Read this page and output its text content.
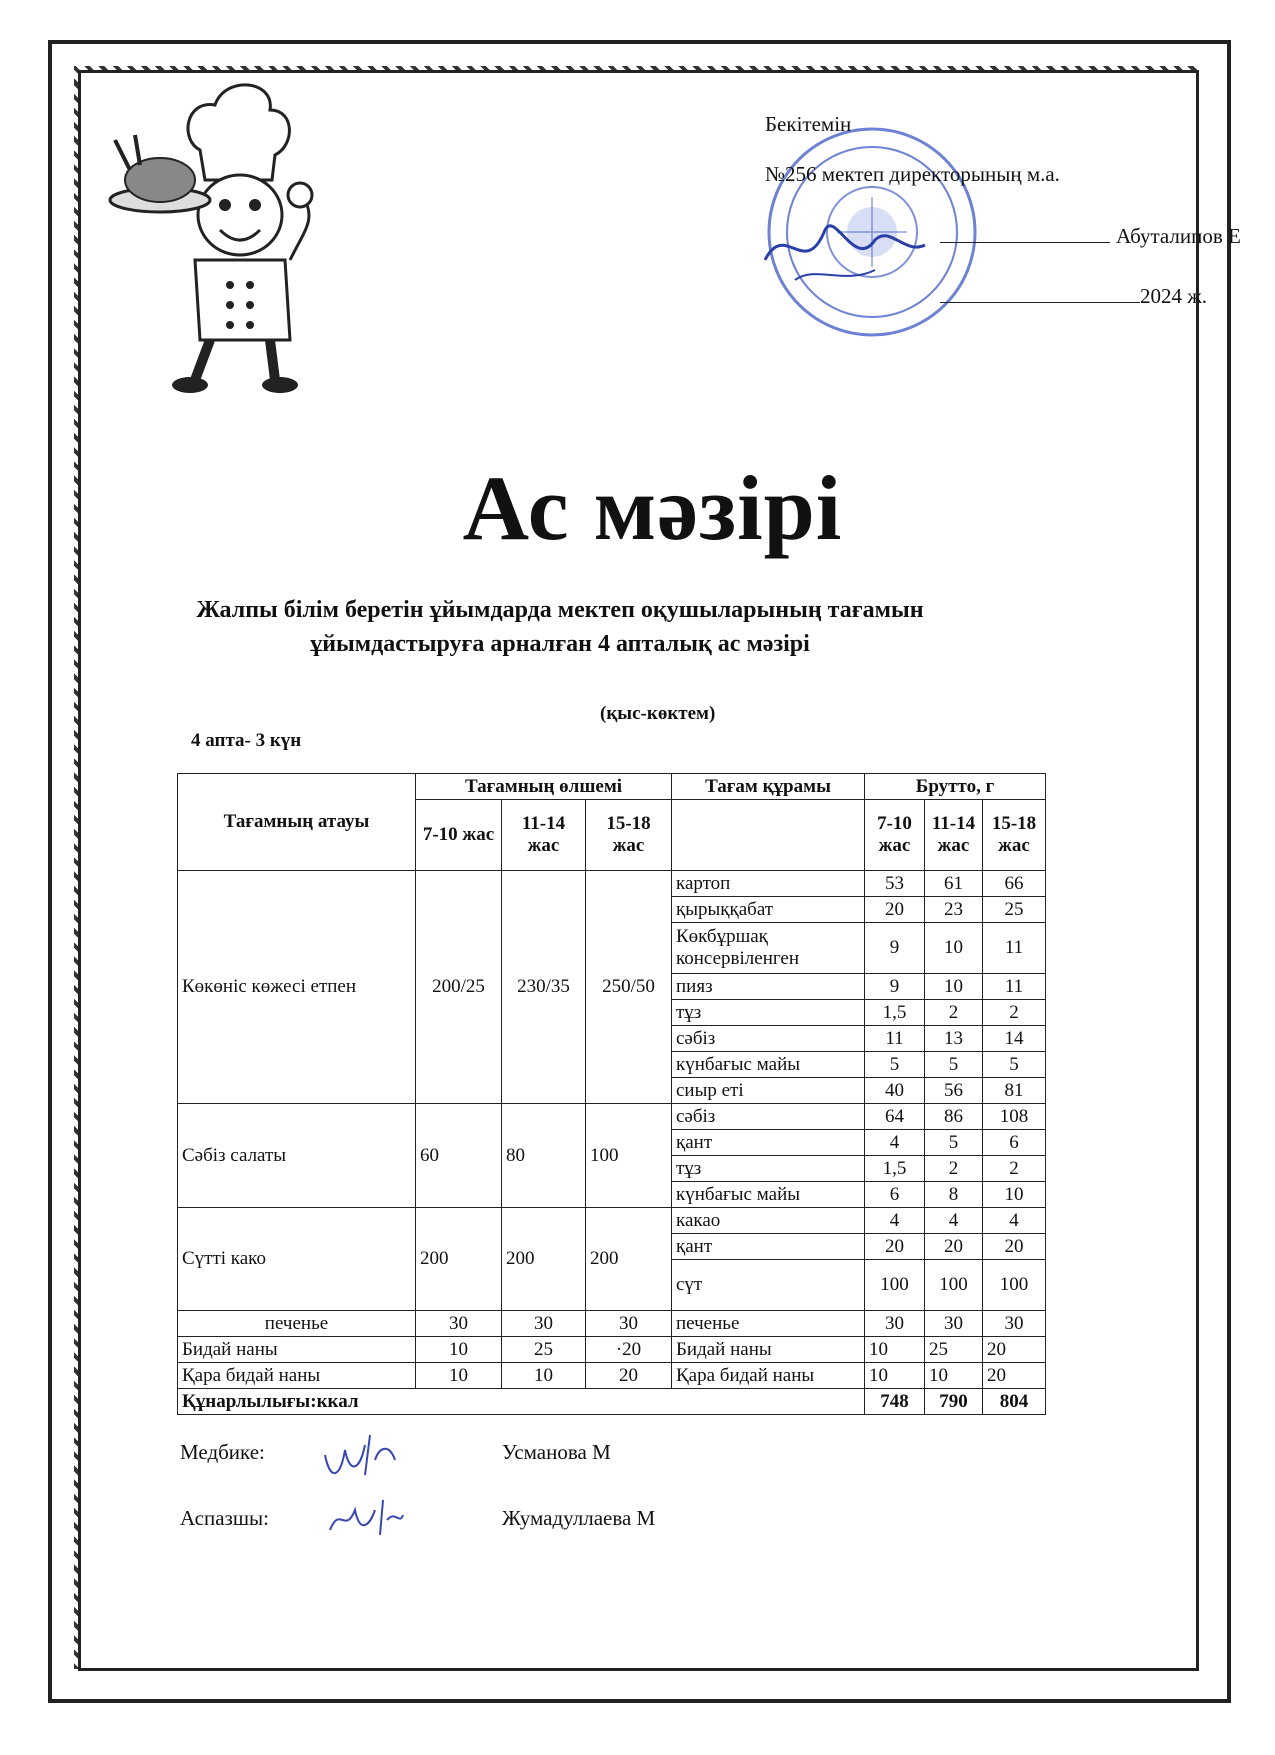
Бекітемін
№256 мектеп директорының м.а.
Абуталипов Е
2024 ж.
Ас мәзірі
Жалпы білім беретін ұйымдарда мектеп оқушыларының тағамын ұйымдастыруға арналған 4 апталық ас мәзірі
(қыс-көктем)
4 апта- 3 күн
Тағамның атауы	Тағамның өлшемі			Тағам құрамы	Брутто, г		
	7-10 жас	11-14 жас	15-18 жас		7-10 жас	11-14 жас	15-18 жас
Көкөніс көжесі етпен	200/25	230/35	250/50	картоп	53	61	66
				қырыққабат	20	23	25
				Көкбұршақ консервіленген	9	10	11
				пияз	9	10	11
				тұз	1,5	2	2
				сәбіз	11	13	14
				күнбағыс майы	5	5	5
				сиыр еті	40	56	81
Сәбіз салаты	60	80	100	сәбіз	64	86	108
				қант	4	5	6
				тұз	1,5	2	2
				күнбағыс майы	6	8	10
Сүтті како	200	200	200	какао	4	4	4
				қант	20	20	20
				сүт	100	100	100
печенье	30	30	30	печенье	30	30	30
Бидай наны	10	25	·20	Бидай наны	10	25	20
Қара бидай наны	10	10	20	Қара бидай наны	10	10	20
Құнарлылығы:ккал					748	790	804
Медбике:	Усманова М
Аспазшы:	Жумадуллаева М
